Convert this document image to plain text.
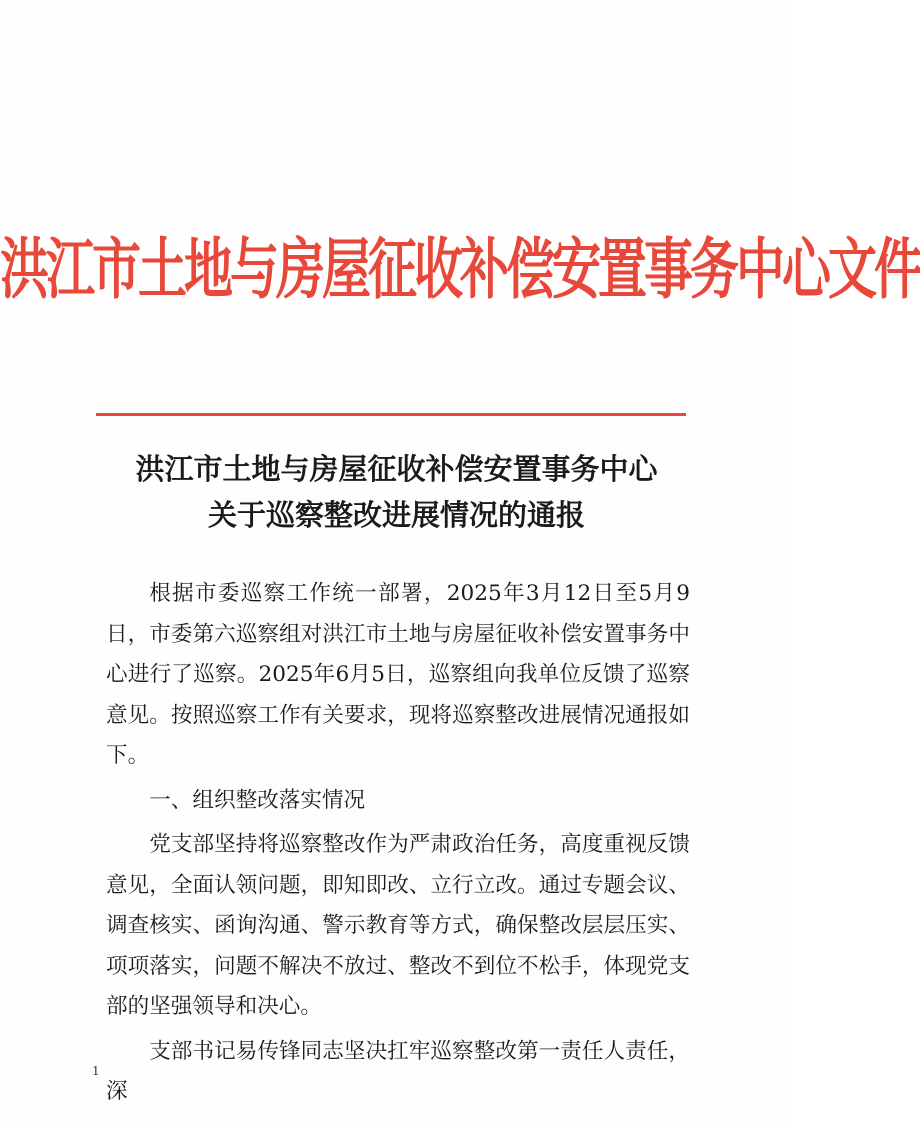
洪江市土地与房屋征收补偿安置事务中心文件
洪江市土地与房屋征收补偿安置事务中心
关于巡察整改进展情况的通报

根据市委巡察工作统一部署，2025年3月12日至5月9日，市委第六巡察组对洪江市土地与房屋征收补偿安置事务中心进行了巡察。2025年6月5日，巡察组向我单位反馈了巡察意见。按照巡察工作有关要求，现将巡察整改进展情况通报如下。

一、组织整改落实情况

党支部坚持将巡察整改作为严肃政治任务，高度重视反馈意见，全面认领问题，即知即改、立行立改。通过专题会议、调查核实、函询沟通、警示教育等方式，确保整改层层压实、项项落实，问题不解决不放过、整改不到位不松手，体现党支部的坚强领导和决心。

支部书记易传锋同志坚决扛牢巡察整改第一责任人责任，深

1
